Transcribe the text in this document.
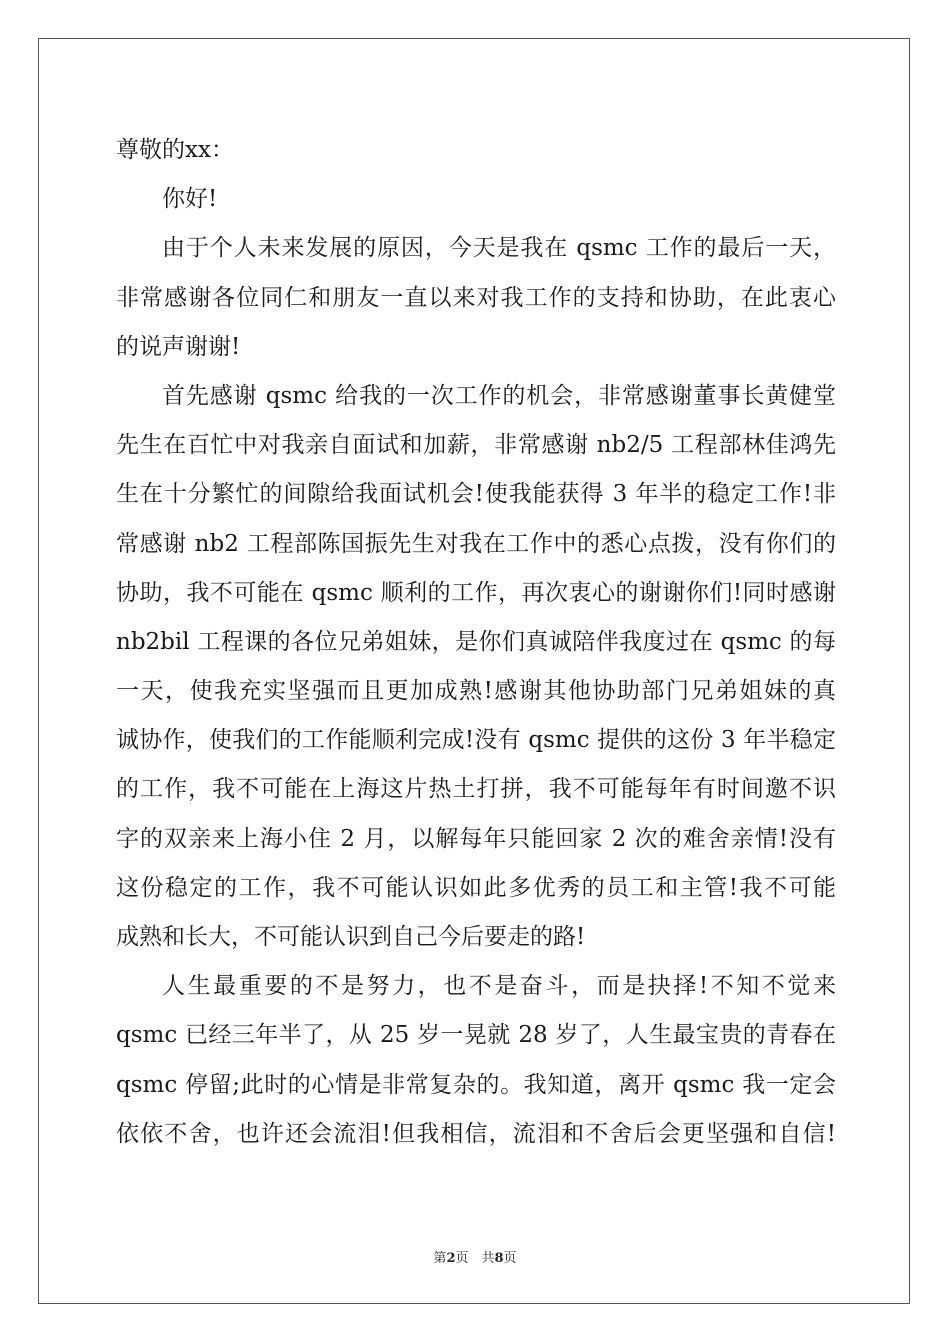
尊敬的xx：
你好!
由于个人未来发展的原因，今天是我在 qsmc 工作的最后一天，
非常感谢各位同仁和朋友一直以来对我工作的支持和协助，在此衷心
的说声谢谢!
首先感谢 qsmc 给我的一次工作的机会，非常感谢董事长黄健堂
先生在百忙中对我亲自面试和加薪，非常感谢 nb2/5 工程部林佳鸿先
生在十分繁忙的间隙给我面试机会!使我能获得 3 年半的稳定工作!非
常感谢 nb2 工程部陈国振先生对我在工作中的悉心点拨，没有你们的
协助，我不可能在 qsmc 顺利的工作，再次衷心的谢谢你们!同时感谢
nb2bil 工程课的各位兄弟姐妹，是你们真诚陪伴我度过在 qsmc 的每
一天，使我充实坚强而且更加成熟!感谢其他协助部门兄弟姐妹的真
诚协作，使我们的工作能顺利完成!没有 qsmc 提供的这份 3 年半稳定
的工作，我不可能在上海这片热土打拼，我不可能每年有时间邀不识
字的双亲来上海小住 2 月，以解每年只能回家 2 次的难舍亲情!没有
这份稳定的工作，我不可能认识如此多优秀的员工和主管!我不可能
成熟和长大，不可能认识到自己今后要走的路!
人生最重要的不是努力，也不是奋斗，而是抉择!不知不觉来
qsmc 已经三年半了，从 25 岁一晃就 28 岁了，人生最宝贵的青春在
qsmc 停留;此时的心情是非常复杂的。我知道，离开 qsmc 我一定会
依依不舍，也许还会流泪!但我相信，流泪和不舍后会更坚强和自信!
第2页　共8页
